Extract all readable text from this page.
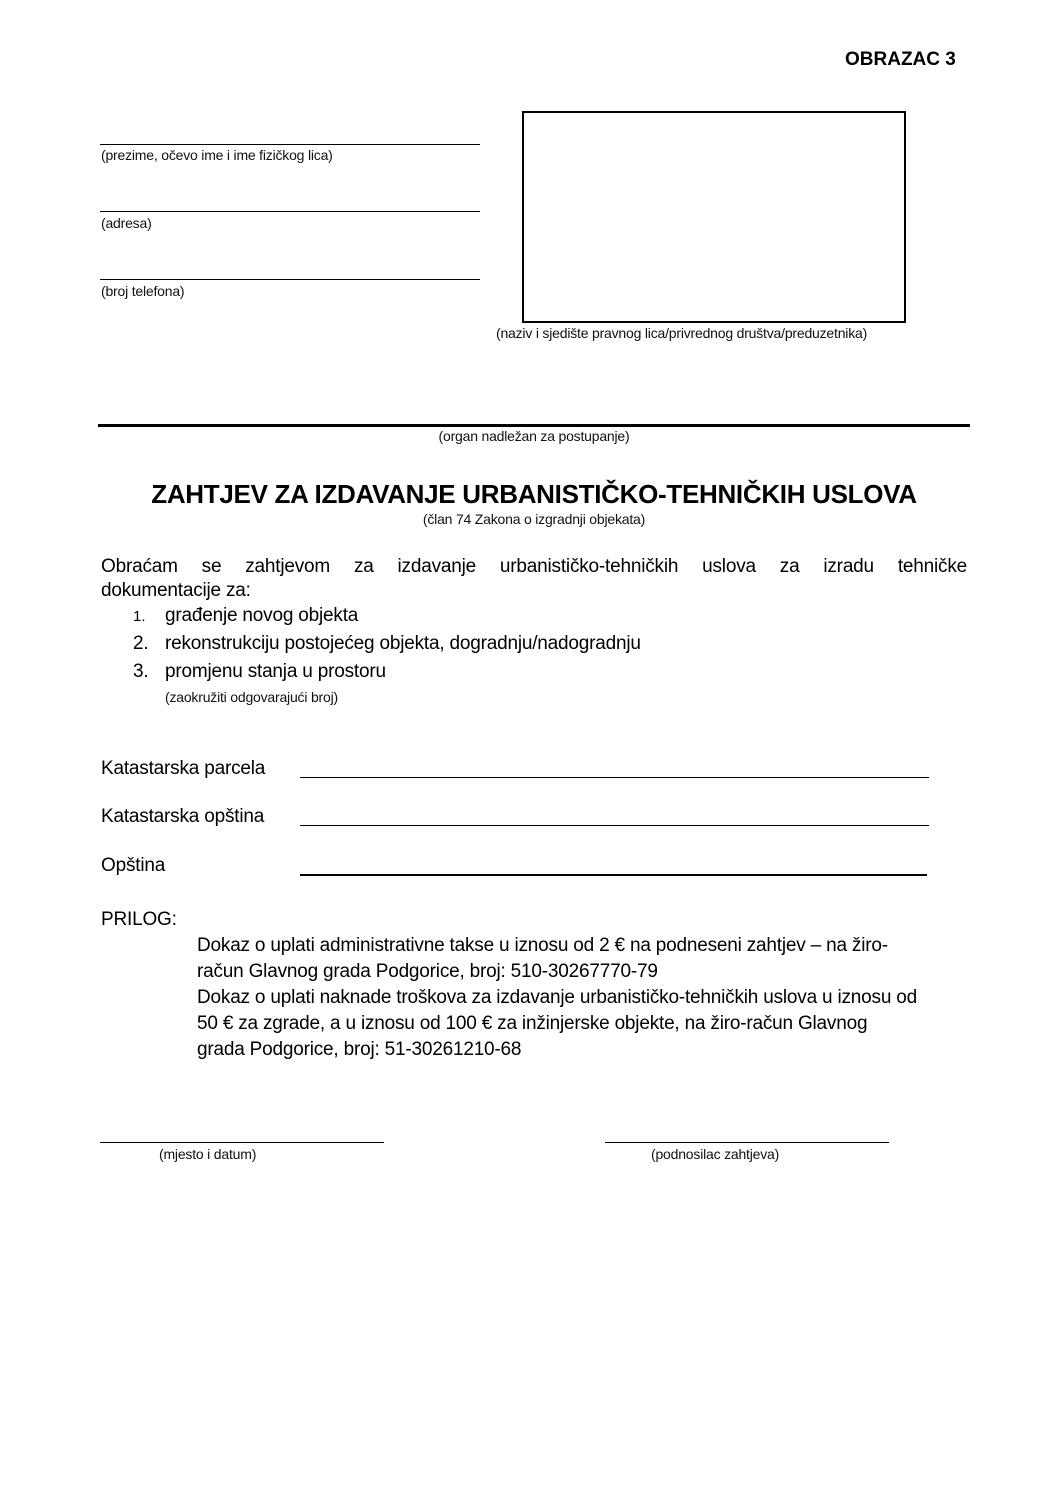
OBRAZAC 3
(prezime, očevo ime i ime fizičkog lica)
(adresa)
(broj telefona)
(naziv i sjedište pravnog lica/privrednog društva/preduzetnika)
(organ nadležan za postupanje)
ZAHTJEV ZA IZDAVANJE URBANISTIČKO-TEHNIČKIH USLOVA
(član 74 Zakona o izgradnji objekata)
Obraćam se zahtjevom za izdavanje urbanističko-tehničkih uslova za izradu tehničke
dokumentacije za:
1. građenje novog objekta
2. rekonstrukciju postojećeg objekta, dogradnju/nadogradnju
3. promjenu stanja u prostoru
(zaokružiti odgovarajući broj)
Katastarska parcela
Katastarska opština
Opština
PRILOG:
Dokaz o uplati administrativne takse u iznosu od 2 € na podneseni zahtjev – na žiro-
račun Glavnog grada Podgorice, broj: 510-30267770-79
Dokaz o uplati naknade troškova za izdavanje urbanističko-tehničkih uslova u iznosu od
50 € za zgrade, a u iznosu od 100 € za inžinjerske objekte, na žiro-račun Glavnog
grada Podgorice, broj: 51-30261210-68
(mjesto i datum)	(podnosilac zahtjeva)
